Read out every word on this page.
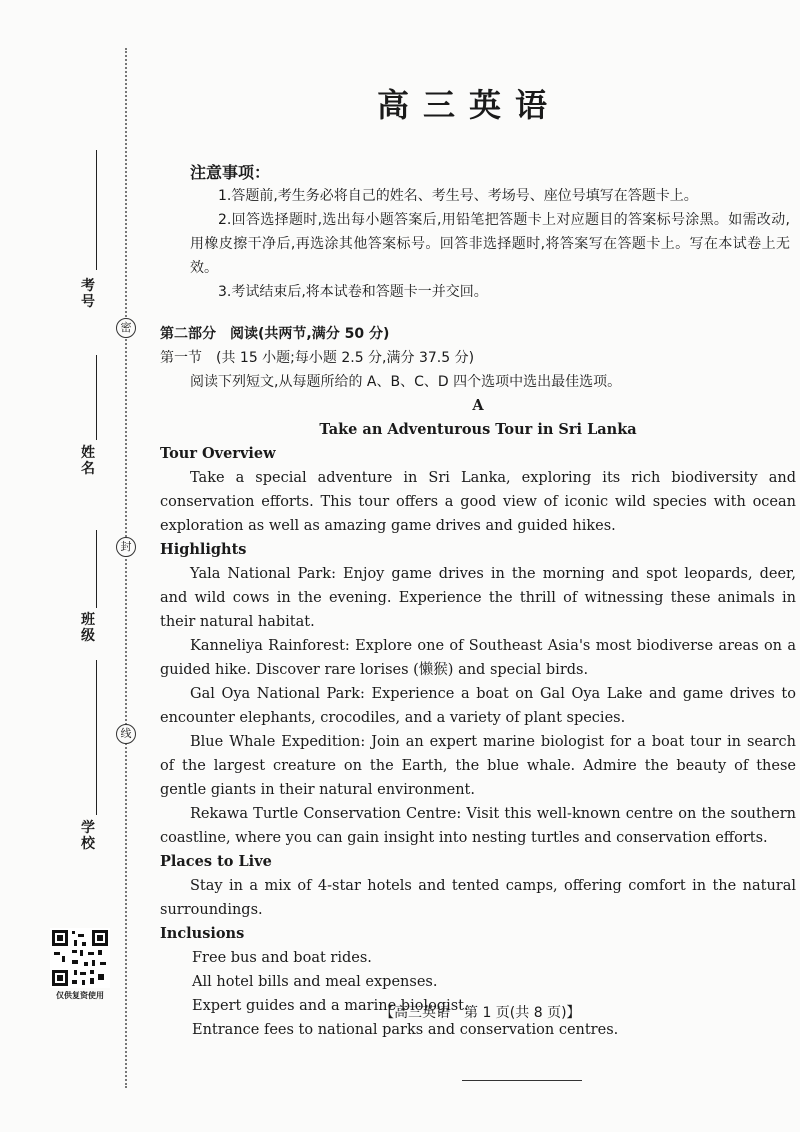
密
封
线
考号
姓名
班级
学校
仅供复资使用
高三英语
注意事项：
1.答题前,考生务必将自己的姓名、考生号、考场号、座位号填写在答题卡上。
2.回答选择题时,选出每小题答案后,用铅笔把答题卡上对应题目的答案标号涂黑。如需改动,用橡皮擦干净后,再选涂其他答案标号。回答非选择题时,将答案写在答题卡上。写在本试卷上无效。
3.考试结束后,将本试卷和答题卡一并交回。
第二部分　阅读(共两节,满分 50 分)
第一节　(共 15 小题;每小题 2.5 分,满分 37.5 分)
阅读下列短文,从每题所给的 A、B、C、D 四个选项中选出最佳选项。
A
Take an Adventurous Tour in Sri Lanka
Tour Overview
Take a special adventure in Sri Lanka, exploring its rich biodiversity and conservation efforts. This tour offers a good view of iconic wild species with ocean exploration as well as amazing game drives and guided hikes.
Highlights
Yala National Park: Enjoy game drives in the morning and spot leopards, deer, and wild cows in the evening. Experience the thrill of witnessing these animals in their natural habitat.
Kanneliya Rainforest: Explore one of Southeast Asia's most biodiverse areas on a guided hike. Discover rare lorises (懒猴) and special birds.
Gal Oya National Park: Experience a boat on Gal Oya Lake and game drives to encounter elephants, crocodiles, and a variety of plant species.
Blue Whale Expedition: Join an expert marine biologist for a boat tour in search of the largest creature on the Earth, the blue whale. Admire the beauty of these gentle giants in their natural environment.
Rekawa Turtle Conservation Centre: Visit this well-known centre on the southern coastline, where you can gain insight into nesting turtles and conservation efforts.
Places to Live
Stay in a mix of 4-star hotels and tented camps, offering comfort in the natural surroundings.
Inclusions
Free bus and boat rides.
All hotel bills and meal expenses.
Expert guides and a marine biologist.
Entrance fees to national parks and conservation centres.
【高三英语　第 1 页(共 8 页)】
